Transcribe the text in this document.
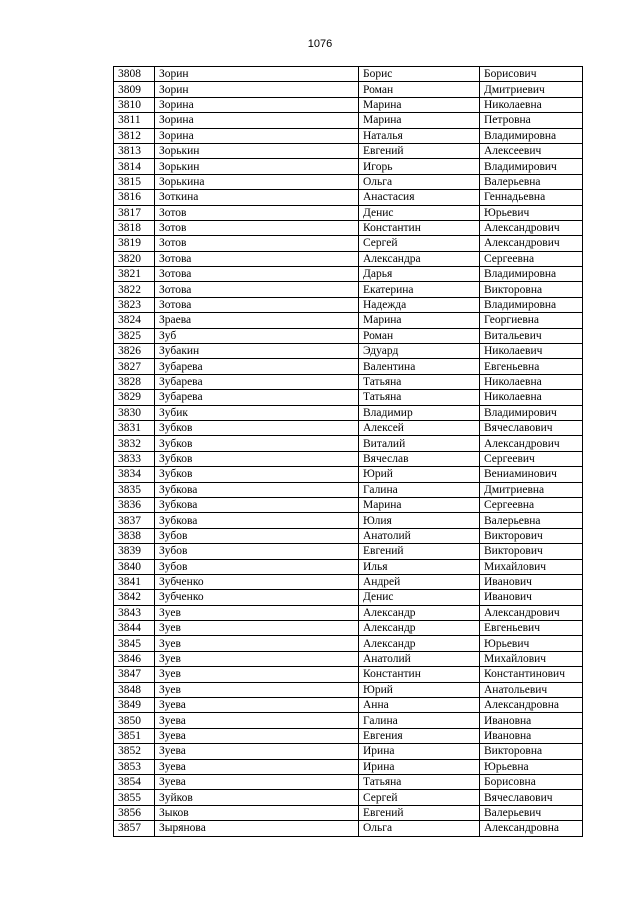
1076
3808	Зорин	Борис	Борисович
3809	Зорин	Роман	Дмитриевич
3810	Зорина	Марина	Николаевна
3811	Зорина	Марина	Петровна
3812	Зорина	Наталья	Владимировна
3813	Зорькин	Евгений	Алексеевич
3814	Зорькин	Игорь	Владимирович
3815	Зорькина	Ольга	Валерьевна
3816	Зоткина	Анастасия	Геннадьевна
3817	Зотов	Денис	Юрьевич
3818	Зотов	Константин	Александрович
3819	Зотов	Сергей	Александрович
3820	Зотова	Александра	Сергеевна
3821	Зотова	Дарья	Владимировна
3822	Зотова	Екатерина	Викторовна
3823	Зотова	Надежда	Владимировна
3824	Зраева	Марина	Георгиевна
3825	Зуб	Роман	Витальевич
3826	Зубакин	Эдуард	Николаевич
3827	Зубарева	Валентина	Евгеньевна
3828	Зубарева	Татьяна	Николаевна
3829	Зубарева	Татьяна	Николаевна
3830	Зубик	Владимир	Владимирович
3831	Зубков	Алексей	Вячеславович
3832	Зубков	Виталий	Александрович
3833	Зубков	Вячеслав	Сергеевич
3834	Зубков	Юрий	Вениаминович
3835	Зубкова	Галина	Дмитриевна
3836	Зубкова	Марина	Сергеевна
3837	Зубкова	Юлия	Валерьевна
3838	Зубов	Анатолий	Викторович
3839	Зубов	Евгений	Викторович
3840	Зубов	Илья	Михайлович
3841	Зубченко	Андрей	Иванович
3842	Зубченко	Денис	Иванович
3843	Зуев	Александр	Александрович
3844	Зуев	Александр	Евгеньевич
3845	Зуев	Александр	Юрьевич
3846	Зуев	Анатолий	Михайлович
3847	Зуев	Константин	Константинович
3848	Зуев	Юрий	Анатольевич
3849	Зуева	Анна	Александровна
3850	Зуева	Галина	Ивановна
3851	Зуева	Евгения	Ивановна
3852	Зуева	Ирина	Викторовна
3853	Зуева	Ирина	Юрьевна
3854	Зуева	Татьяна	Борисовна
3855	Зуйков	Сергей	Вячеславович
3856	Зыков	Евгений	Валерьевич
3857	Зырянова	Ольга	Александровна
